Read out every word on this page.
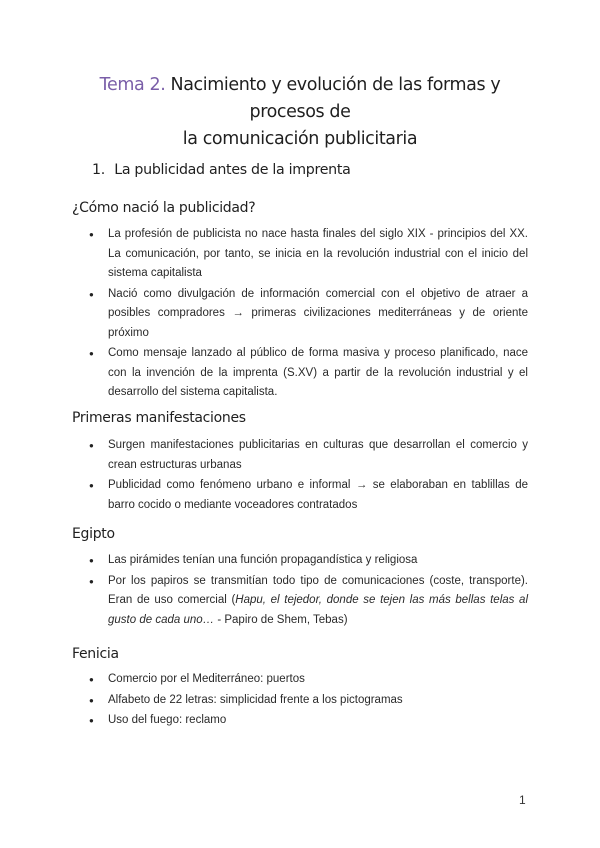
Tema 2. Nacimiento y evolución de las formas y procesos de
la comunicación publicitaria
1. La publicidad antes de la imprenta
¿Cómo nació la publicidad?
● La profesión de publicista no nace hasta finales del siglo XIX - principios del XX. La comunicación, por tanto, se inicia en la revolución industrial con el inicio del sistema capitalista
● Nació como divulgación de información comercial con el objetivo de atraer a posibles compradores → primeras civilizaciones mediterráneas y de oriente próximo
● Como mensaje lanzado al público de forma masiva y proceso planificado, nace con la invención de la imprenta (S.XV) a partir de la revolución industrial y el desarrollo del sistema capitalista.
Primeras manifestaciones
● Surgen manifestaciones publicitarias en culturas que desarrollan el comercio y crean estructuras urbanas
● Publicidad como fenómeno urbano e informal → se elaboraban en tablillas de barro cocido o mediante voceadores contratados
Egipto
● Las pirámides tenían una función propagandística y religiosa
● Por los papiros se transmitían todo tipo de comunicaciones (coste, transporte). Eran de uso comercial (Hapu, el tejedor, donde se tejen las más bellas telas al gusto de cada uno… - Papiro de Shem, Tebas)
Fenicia
● Comercio por el Mediterráneo: puertos
● Alfabeto de 22 letras: simplicidad frente a los pictogramas
● Uso del fuego: reclamo
1
